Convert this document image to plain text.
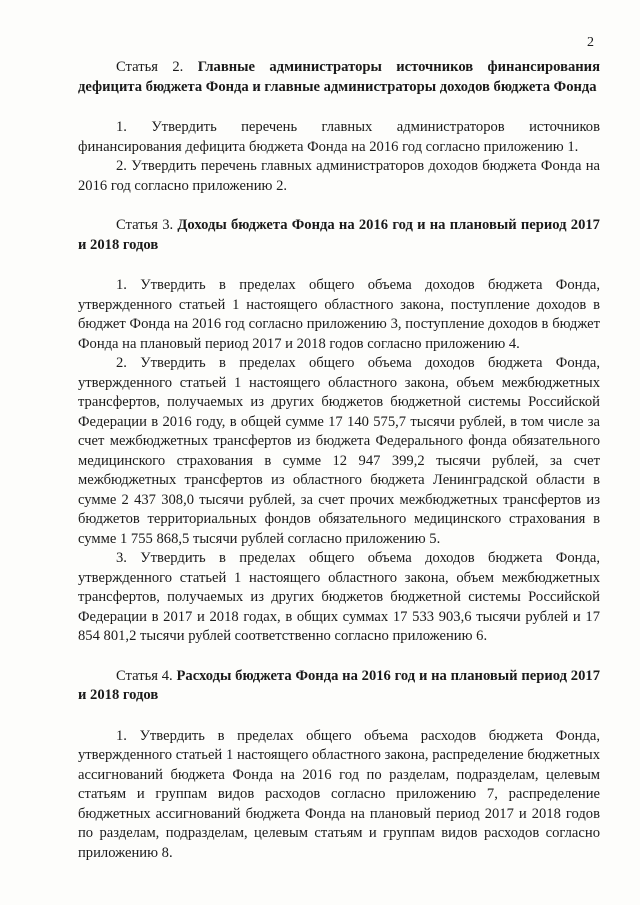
2

Статья 2. Главные администраторы источников финансирования дефицита бюджета Фонда и главные администраторы доходов бюджета Фонда

1. Утвердить перечень главных администраторов источников финансирования дефицита бюджета Фонда на 2016 год согласно приложению 1.

2. Утвердить перечень главных администраторов доходов бюджета Фонда на 2016 год согласно приложению 2.

Статья 3. Доходы бюджета Фонда на 2016 год и на плановый период 2017 и 2018 годов

1. Утвердить в пределах общего объема доходов бюджета Фонда, утвержденного статьей 1 настоящего областного закона, поступление доходов в бюджет Фонда на 2016 год согласно приложению 3, поступление доходов в бюджет Фонда на плановый период 2017 и 2018 годов согласно приложению 4.

2. Утвердить в пределах общего объема доходов бюджета Фонда, утвержденного статьей 1 настоящего областного закона, объем межбюджетных трансфертов, получаемых из других бюджетов бюджетной системы Российской Федерации в 2016 году, в общей сумме 17 140 575,7 тысячи рублей, в том числе за счет межбюджетных трансфертов из бюджета Федерального фонда обязательного медицинского страхования в сумме 12 947 399,2 тысячи рублей, за счет межбюджетных трансфертов из областного бюджета Ленинградской области в сумме 2 437 308,0 тысячи рублей, за счет прочих межбюджетных трансфертов из бюджетов территориальных фондов обязательного медицинского страхования в сумме 1 755 868,5 тысячи рублей согласно приложению 5.

3. Утвердить в пределах общего объема доходов бюджета Фонда, утвержденного статьей 1 настоящего областного закона, объем межбюджетных трансфертов, получаемых из других бюджетов бюджетной системы Российской Федерации в 2017 и 2018 годах, в общих суммах 17 533 903,6 тысячи рублей и 17 854 801,2 тысячи рублей соответственно согласно приложению 6.

Статья 4. Расходы бюджета Фонда на 2016 год и на плановый период 2017 и 2018 годов

1. Утвердить в пределах общего объема расходов бюджета Фонда, утвержденного статьей 1 настоящего областного закона, распределение бюджетных ассигнований бюджета Фонда на 2016 год по разделам, подразделам, целевым статьям и группам видов расходов согласно приложению 7, распределение бюджетных ассигнований бюджета Фонда на плановый период 2017 и 2018 годов по разделам, подразделам, целевым статьям и группам видов расходов согласно приложению 8.
